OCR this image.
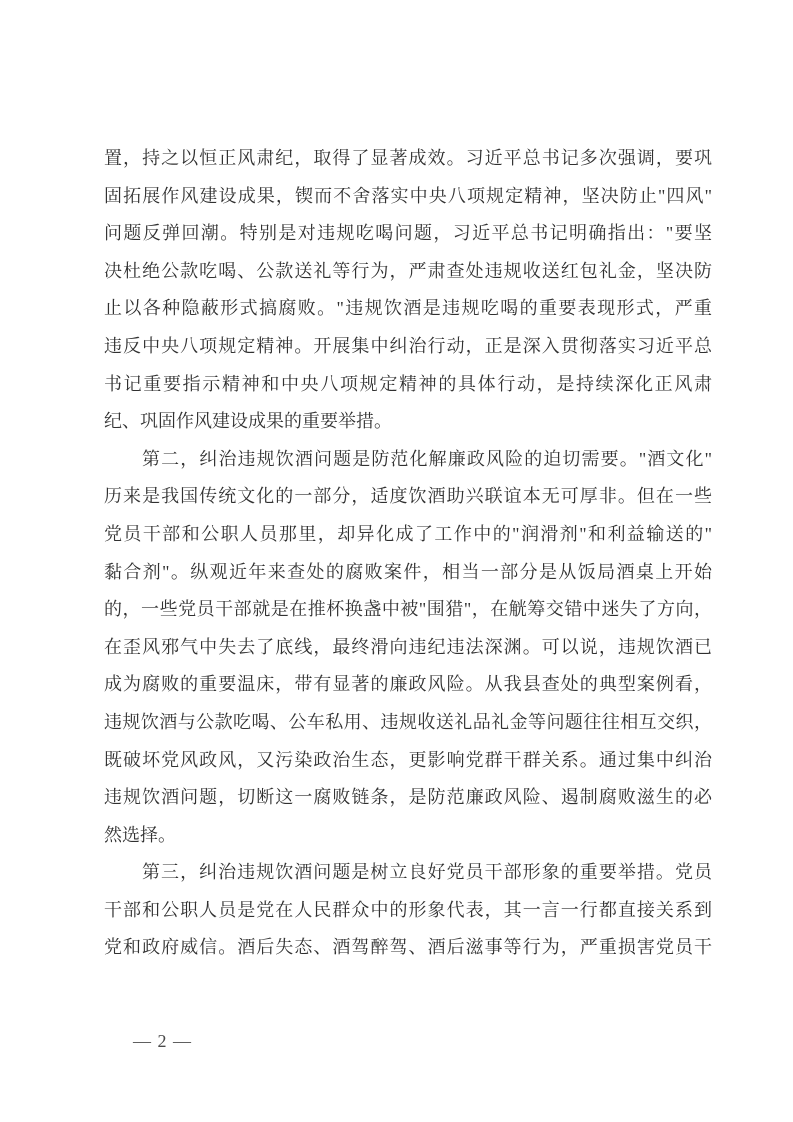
置，持之以恒正风肃纪，取得了显著成效。习近平总书记多次强调，要巩
固拓展作风建设成果，锲而不舍落实中央八项规定精神，坚决防止"四风"
问题反弹回潮。特别是对违规吃喝问题，习近平总书记明确指出："要坚
决杜绝公款吃喝、公款送礼等行为，严肃查处违规收送红包礼金，坚决防
止以各种隐蔽形式搞腐败。"违规饮酒是违规吃喝的重要表现形式，严重
违反中央八项规定精神。开展集中纠治行动，正是深入贯彻落实习近平总
书记重要指示精神和中央八项规定精神的具体行动，是持续深化正风肃
纪、巩固作风建设成果的重要举措。
第二，纠治违规饮酒问题是防范化解廉政风险的迫切需要。"酒文化"
历来是我国传统文化的一部分，适度饮酒助兴联谊本无可厚非。但在一些
党员干部和公职人员那里，却异化成了工作中的"润滑剂"和利益输送的"
黏合剂"。纵观近年来查处的腐败案件，相当一部分是从饭局酒桌上开始
的，一些党员干部就是在推杯换盏中被"围猎"，在觥筹交错中迷失了方向，
在歪风邪气中失去了底线，最终滑向违纪违法深渊。可以说，违规饮酒已
成为腐败的重要温床，带有显著的廉政风险。从我县查处的典型案例看，
违规饮酒与公款吃喝、公车私用、违规收送礼品礼金等问题往往相互交织，
既破坏党风政风，又污染政治生态，更影响党群干群关系。通过集中纠治
违规饮酒问题，切断这一腐败链条，是防范廉政风险、遏制腐败滋生的必
然选择。
第三，纠治违规饮酒问题是树立良好党员干部形象的重要举措。党员
干部和公职人员是党在人民群众中的形象代表，其一言一行都直接关系到
党和政府威信。酒后失态、酒驾醉驾、酒后滋事等行为，严重损害党员干
— 2 —
